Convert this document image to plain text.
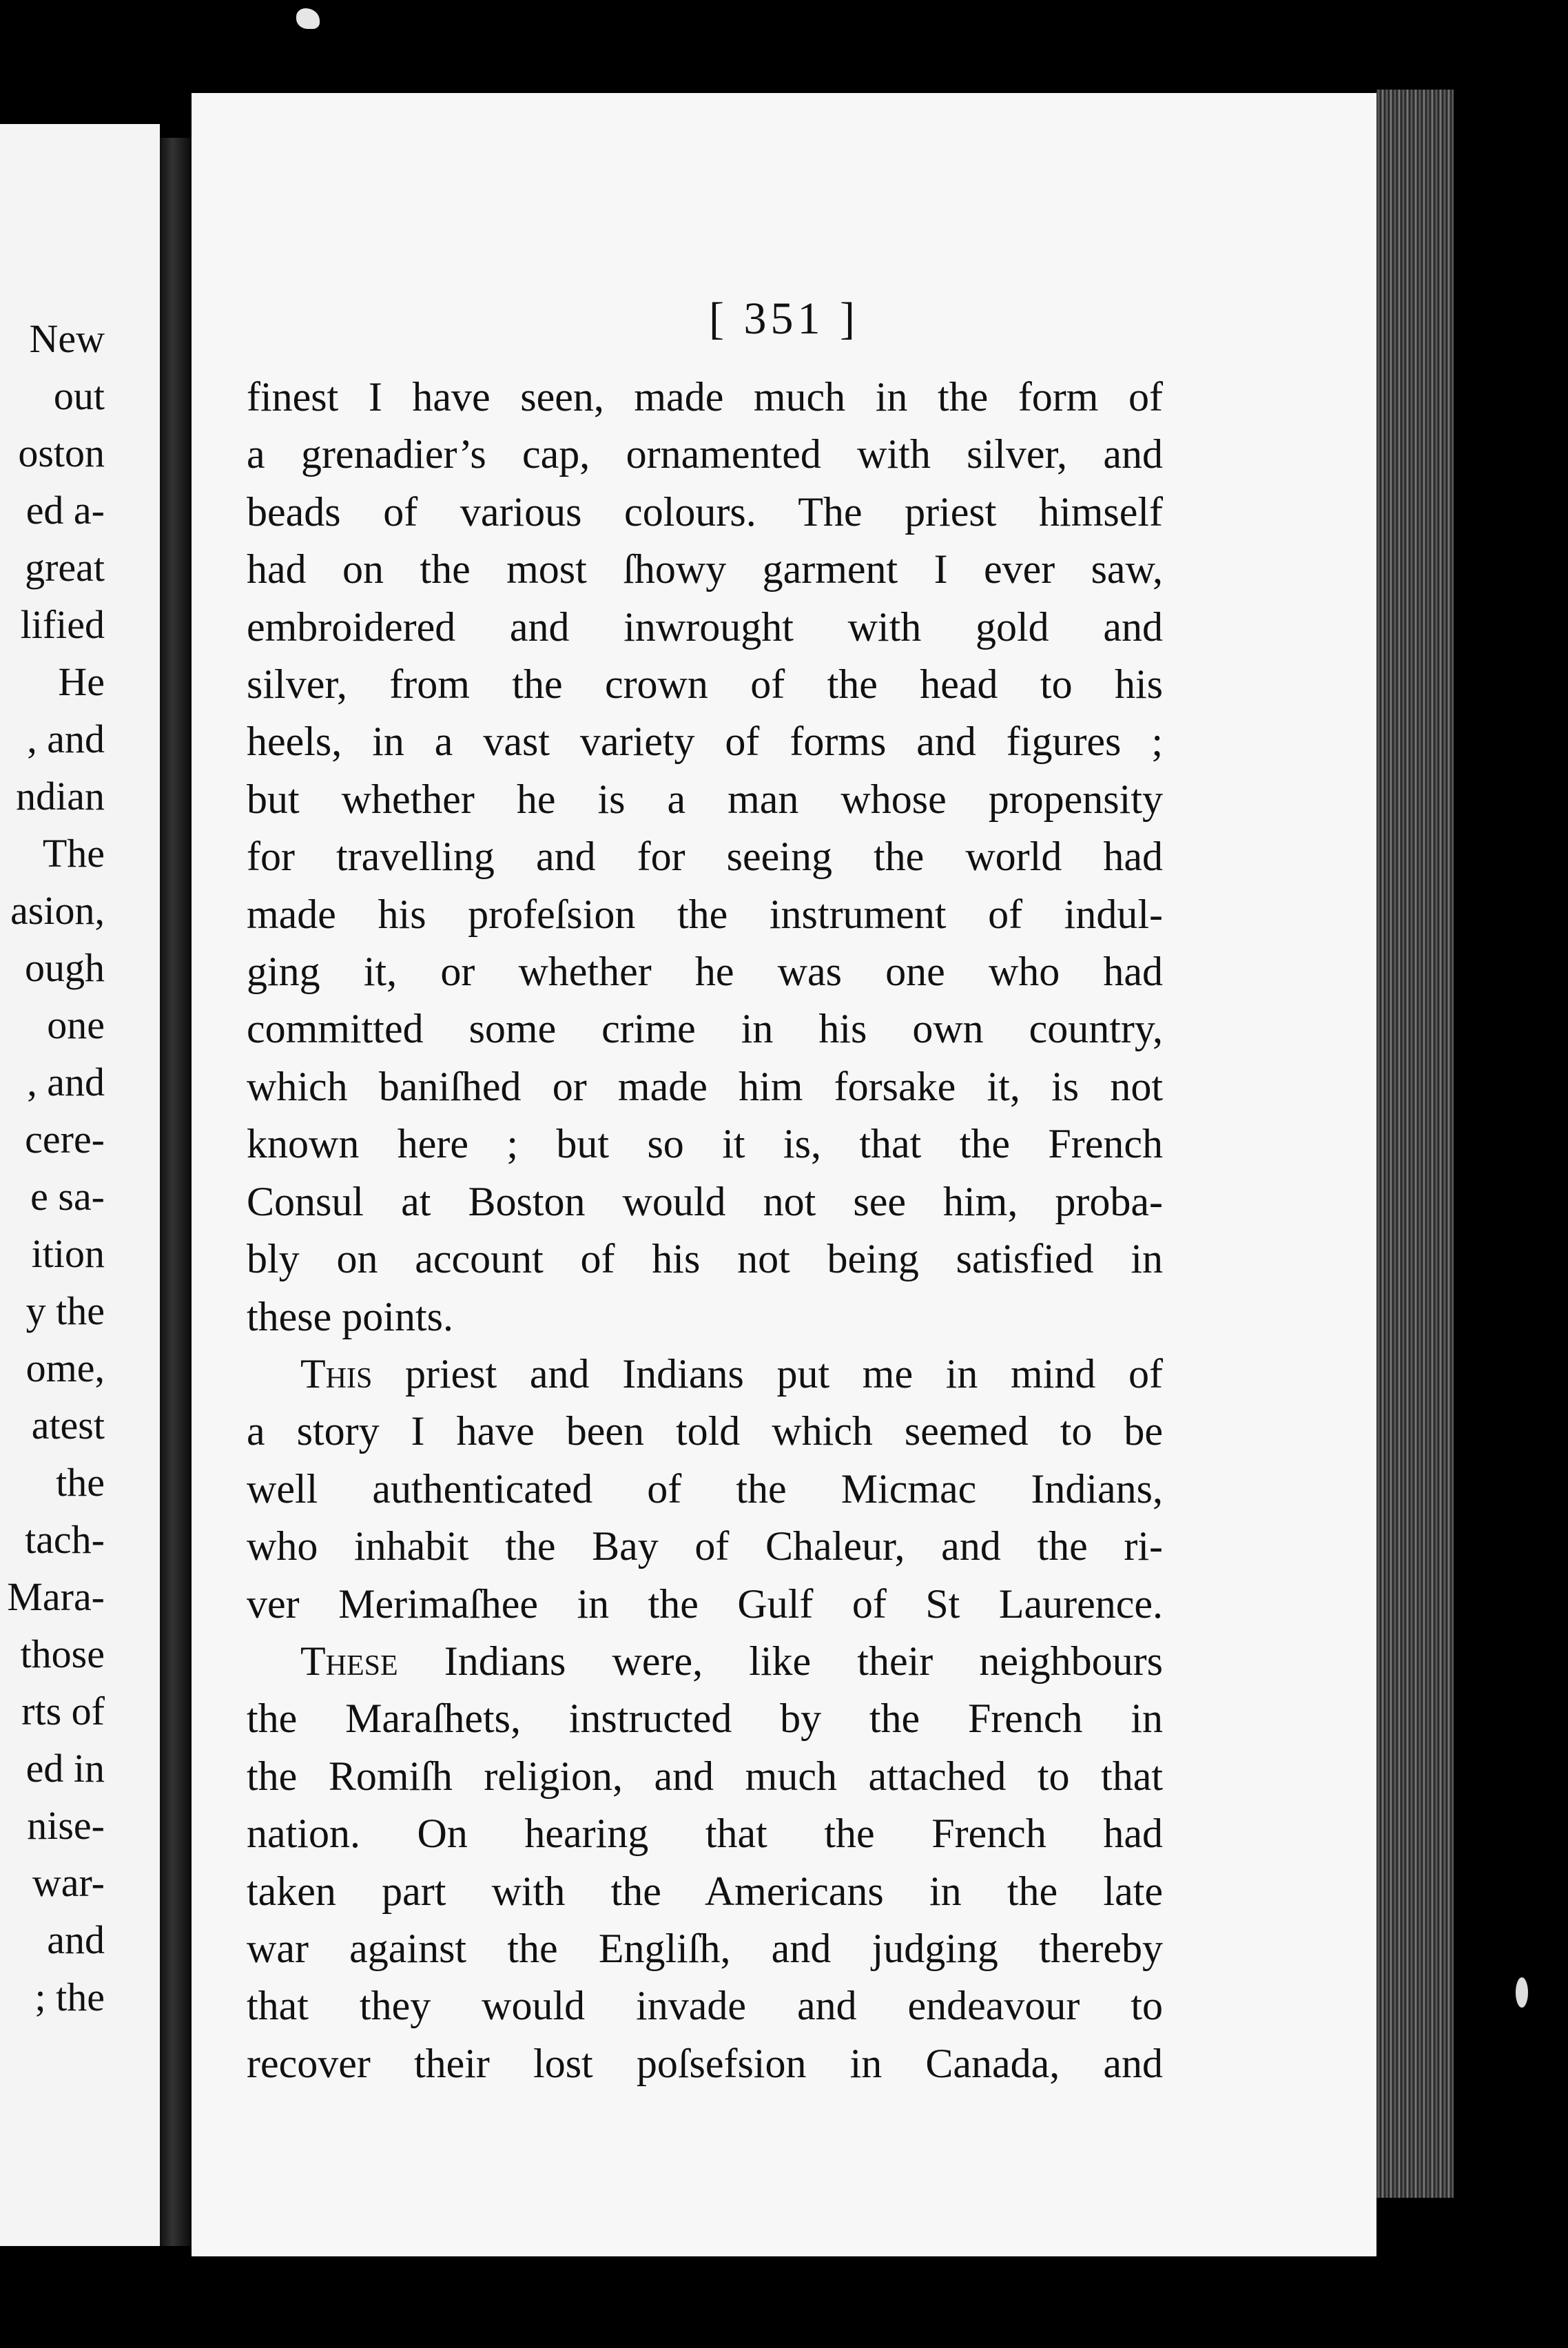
New
out
oston
ed a-
great
lified
He
, and
ndian
The
asion,
ough
one
, and
cere-
e sa-
ition
y the
ome,
atest
the
tach-
Mara-
those
rts of
ed in
nise-
war-
and
; the
[ 351 ]
finest I have seen, made much in the form of
a grenadier’s cap, ornamented with silver, and
beads of various colours. The priest himself
had on the most ſhowy garment I ever saw,
embroidered and inwrought with gold and
silver, from the crown of the head to his
heels, in a vast variety of forms and figures ;
but whether he is a man whose propensity
for travelling and for seeing the world had
made his profeſsion the instrument of indul-
ging it, or whether he was one who had
committed some crime in his own country,
which baniſhed or made him forsake it, is not
known here ; but so it is, that the French
Consul at Boston would not see him, proba-
bly on account of his not being satisfied in
these points.
This priest and Indians put me in mind of
a story I have been told which seemed to be
well authenticated of the Micmac Indians,
who inhabit the Bay of Chaleur, and the ri-
ver Merimaſhee in the Gulf of St Laurence.
These Indians were, like their neighbours
the Maraſhets, instructed by the French in
the Romiſh religion, and much attached to that
nation. On hearing that the French had
taken part with the Americans in the late
war against the Engliſh, and judging thereby
that they would invade and endeavour to
recover their lost poſsefsion in Canada, and
